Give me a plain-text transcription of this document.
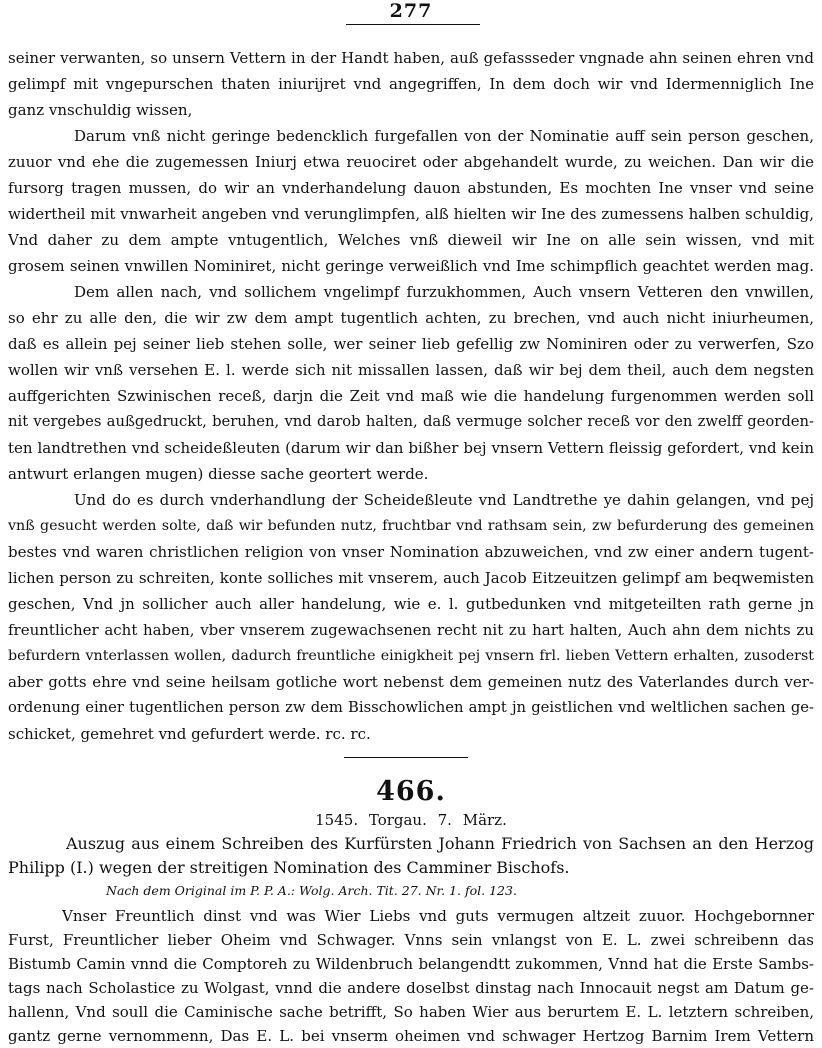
277
seiner verwanten, so unsern Vettern in der Handt haben, auß gefassseder vngnade ahn seinen ehren vnd
gelimpf mit vngepurschen thaten iniurijret vnd angegriffen, In dem doch wir vnd Idermenniglich Ine
ganz vnschuldig wissen,
Darum vnß nicht geringe bedencklich furgefallen von der Nominatie auff sein person geschen,
zuuor vnd ehe die zugemessen Iniurj etwa reuociret oder abgehandelt wurde, zu weichen. Dan wir die
fursorg tragen mussen, do wir an vnderhandelung dauon abstunden, Es mochten Ine vnser vnd seine
widertheil mit vnwarheit angeben vnd verunglimpfen, alß hielten wir Ine des zumessens halben schuldig,
Vnd daher zu dem ampte vntugentlich, Welches vnß dieweil wir Ine on alle sein wissen, vnd mit
grosem seinen vnwillen Nominiret, nicht geringe verweißlich vnd Ime schimpflich geachtet werden mag.
Dem allen nach, vnd sollichem vngelimpf furzukhommen, Auch vnsern Vetteren den vnwillen,
so ehr zu alle den, die wir zw dem ampt tugentlich achten, zu brechen, vnd auch nicht iniurheumen,
daß es allein pej seiner lieb stehen solle, wer seiner lieb gefellig zw Nominiren oder zu verwerfen, Szo
wollen wir vnß versehen E. l. werde sich nit missallen lassen, daß wir bej dem theil, auch dem negsten
auffgerichten Szwinischen receß, darjn die Zeit vnd maß wie die handelung furgenommen werden soll
nit vergebes außgedruckt, beruhen, vnd darob halten, daß vermuge solcher receß vor den zwelff georden-
ten landtrethen vnd scheideßleuten (darum wir dan bißher bej vnsern Vettern fleissig gefordert, vnd kein
antwurt erlangen mugen) diesse sache geortert werde.
Und do es durch vnderhandlung der Scheideßleute vnd Landtrethe ye dahin gelangen, vnd pej
vnß gesucht werden solte, daß wir befunden nutz, fruchtbar vnd rathsam sein, zw befurderung des gemeinen
bestes vnd waren christlichen religion von vnser Nomination abzuweichen, vnd zw einer andern tugent-
lichen person zu schreiten, konte solliches mit vnserem, auch Jacob Eitzeuitzen gelimpf am beqwemisten
geschen, Vnd jn sollicher auch aller handelung, wie e. l. gutbedunken vnd mitgeteilten rath gerne jn
freuntlicher acht haben, vber vnserem zugewachsenen recht nit zu hart halten, Auch ahn dem nichts zu
befurdern vnterlassen wollen, dadurch freuntliche einigkheit pej vnsern frl. lieben Vettern erhalten, zusoderst
aber gotts ehre vnd seine heilsam gotliche wort nebenst dem gemeinen nutz des Vaterlandes durch ver-
ordenung einer tugentlichen person zw dem Bisschowlichen ampt jn geistlichen vnd weltlichen sachen ge-
schicket, gemehret vnd gefurdert werde. rc. rc.
466.
1545. Torgau. 7. März.
Auszug aus einem Schreiben des Kurfürsten Johann Friedrich von Sachsen an den Herzog
Philipp (I.) wegen der streitigen Nomination des Camminer Bischofs.
Nach dem Original im P. P. A.: Wolg. Arch. Tit. 27. Nr. 1. fol. 123.
Vnser Freuntlich dinst vnd was Wier Liebs vnd guts vermugen altzeit zuuor. Hochgebornner
Furst, Freuntlicher lieber Oheim vnd Schwager. Vnns sein vnlangst von E. L. zwei schreibenn das
Bistumb Camin vnnd die Comptoreh zu Wildenbruch belangendtt zukommen, Vnnd hat die Erste Sambs-
tags nach Scholastice zu Wolgast, vnnd die andere doselbst dinstag nach Innocauit negst am Datum ge-
hallenn, Vnd soull die Caminische sache betrifft, So haben Wier aus berurtem E. L. letztern schreiben,
gantz gerne vernommenn, Das E. L. bei vnserm oheimen vnd schwager Hertzog Barnim Irem Vettern
